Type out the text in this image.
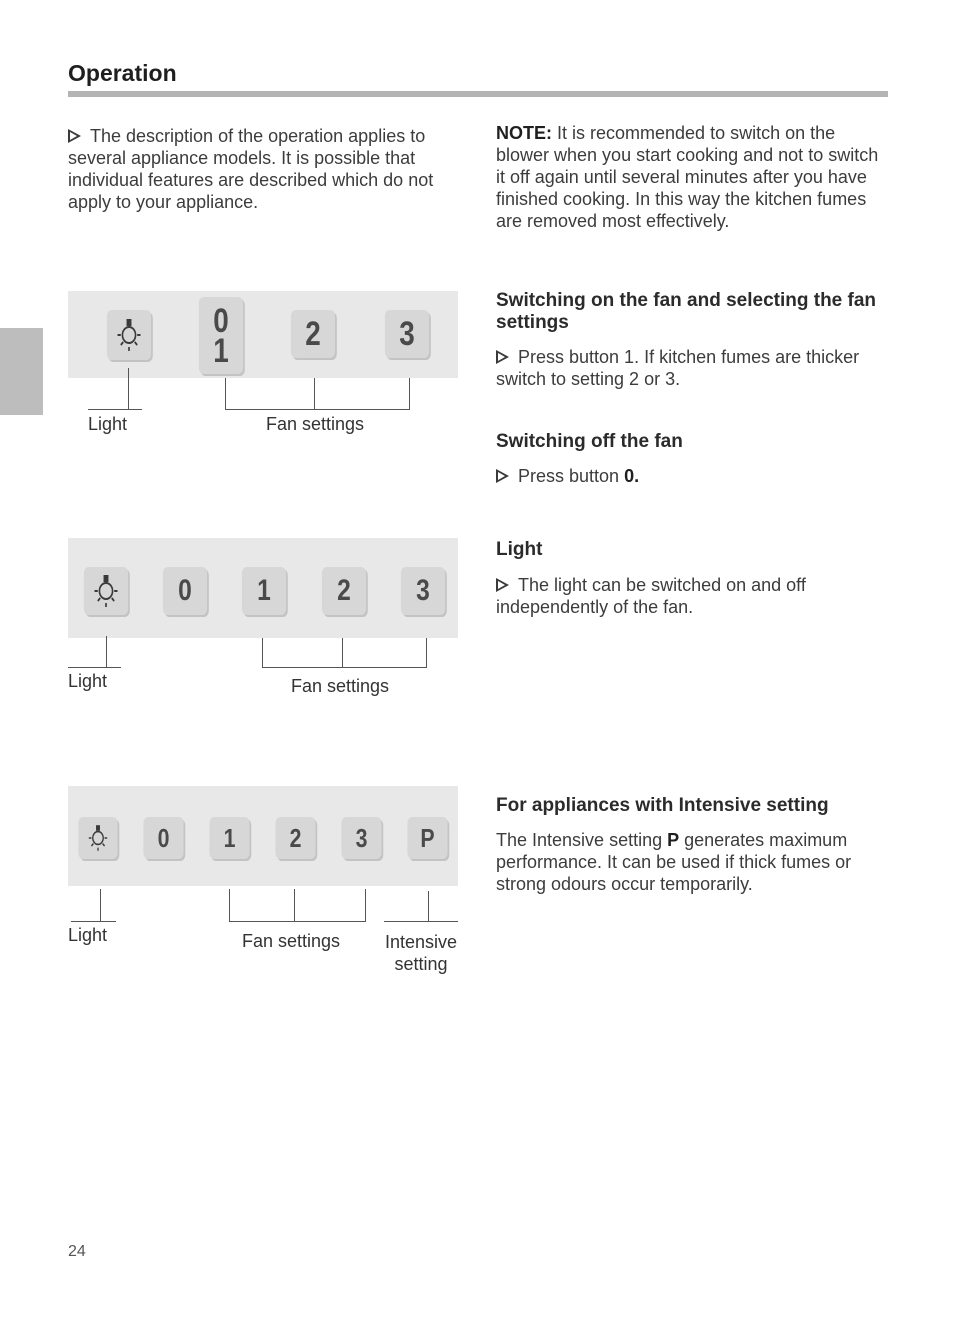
Operation
The description of the operation applies to several appliance models. It is possible that individual features are described which do not apply to your appliance.
NOTE: It is recommended to switch on the blower when you start cooking and not to switch it off again until several minutes after you have finished cooking. In this way the kitchen fumes are removed most effectively.
Switching on the fan and selecting the fan settings
Press button 1. If kitchen fumes are thicker switch to setting 2 or 3.
Switching off the fan
Press button 0.
Light
The light can be switched on and off independently of the fan.
For appliances with Intensive setting
The Intensive setting P generates maximum performance. It can be used if thick fumes or strong odours occur temporarily.
0
1 2 3
Light	Fan settings
0 1 2 3
Light	Fan settings
0 1 2 3 P
Light	Fan settings Intensive
setting
24
